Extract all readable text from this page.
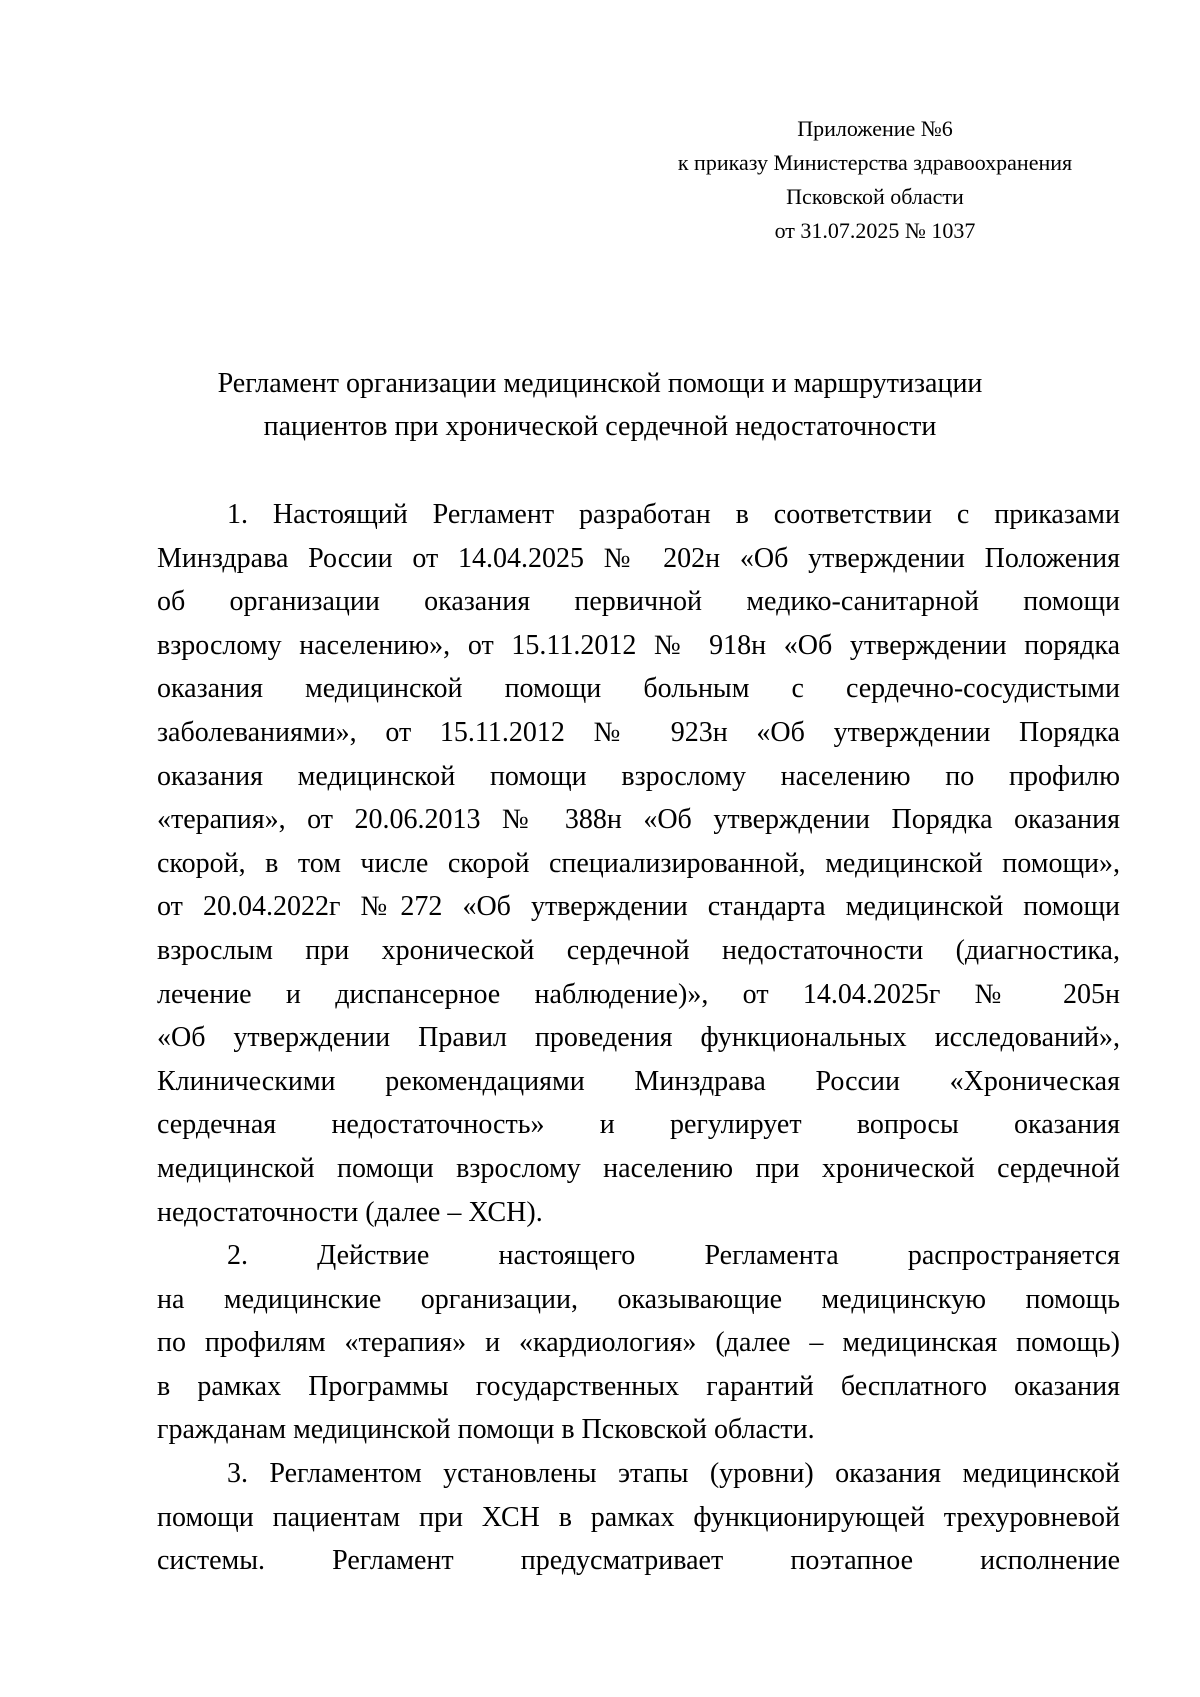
Приложение №6
к приказу Министерства здравоохранения
Псковской области
от 31.07.2025 № 1037
Регламент организации медицинской помощи и маршрутизации
пациентов при хронической сердечной недостаточности
1. Настоящий Регламент разработан в соответствии с приказами
Минздрава России от 14.04.2025 № 202н «Об утверждении Положения
об организации оказания первичной медико-санитарной помощи
взрослому населению», от 15.11.2012 № 918н «Об утверждении порядка
оказания медицинской помощи больным с сердечно-сосудистыми
заболеваниями», от 15.11.2012 № 923н «Об утверждении Порядка
оказания медицинской помощи взрослому населению по профилю
«терапия», от 20.06.2013 № 388н «Об утверждении Порядка оказания
скорой, в том числе скорой специализированной, медицинской помощи»,
от 20.04.2022г №272 «Об утверждении стандарта медицинской помощи
взрослым при хронической сердечной недостаточности (диагностика,
лечение и диспансерное наблюдение)», от 14.04.2025г № 205н
«Об утверждении Правил проведения функциональных исследований»,
Клиническими рекомендациями Минздрава России «Хроническая
сердечная недостаточность» и регулирует вопросы оказания
медицинской помощи взрослому населению при хронической сердечной
недостаточности (далее – ХСН).
2. Действие настоящего Регламента распространяется
на медицинские организации, оказывающие медицинскую помощь
по профилям «терапия» и «кардиология» (далее – медицинская помощь)
в рамках Программы государственных гарантий бесплатного оказания
гражданам медицинской помощи в Псковской области.
3. Регламентом установлены этапы (уровни) оказания медицинской
помощи пациентам при ХСН в рамках функционирующей трехуровневой
системы. Регламент предусматривает поэтапное исполнение
